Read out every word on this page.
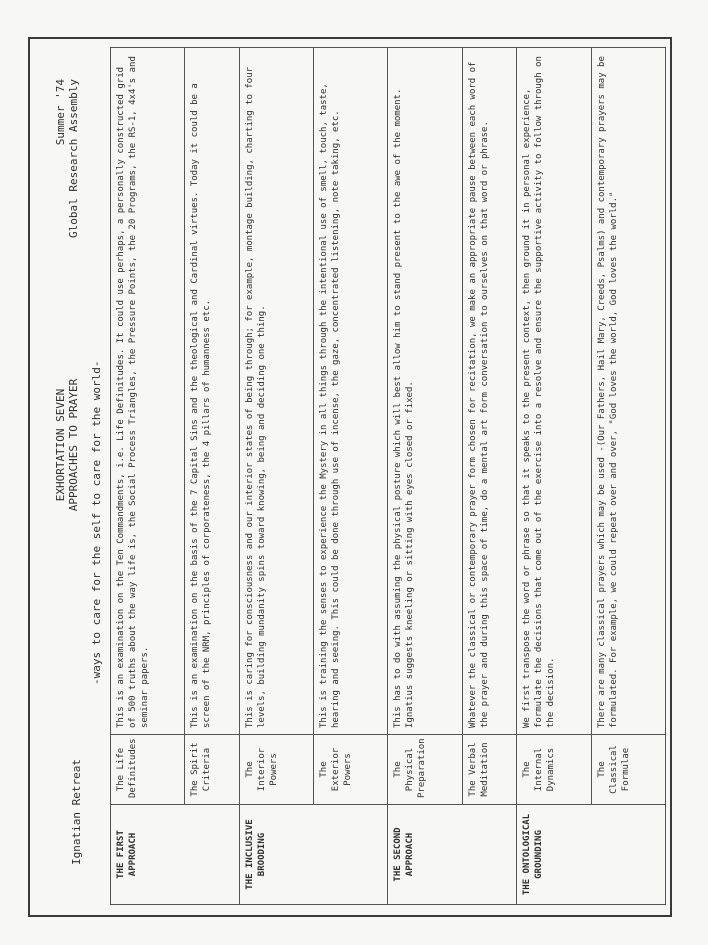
Ignatian Retreat
EXHORTATION SEVEN APPROACHES TO PRAYER -ways to care for the self to care for the world-
Summer '74 Global Research Assembly
THE FIRST APPROACH	The Life Definitudes	This is an examination on the Ten Commandments, i.e. Life Definitudes. It could use perhaps, a personally constructed grid of 500 truths about the way life is, the Social Process Triangles, the Pressure Points, the 20 Programs, the RS-1, 4x4's and seminar papers.
	The Spirit Criteria	This is an examination on the basis of the 7 Capital Sins and the theological and Cardinal virtues. Today it could be a screen of the NRM, principles of corporateness, the 4 pillars of humanness etc.
THE INCLUSIVE BROODING	The Interior Powers	This is caring for consciousness and our interior states of being through; for example, montage building, charting to four levels, building mundanity spins toward knowing, being and deciding one thing.
	The Exterior Powers	This is training the senses to experience the Mystery in all things through the intentional use of smell, touch, taste, hearing and seeing. This could be done through use of incense, the gaze, concentrated listening, note taking, etc.
THE SECOND APPROACH	The Physical Preparation	This has to do with assuming the physical posture which will best allow him to stand present to the awe of the moment. Ignatius suggests kneeling or sitting with eyes closed or fixed.
	The Verbal Meditation	Whatever the classical or contemporary prayer form chosen for recitation, we make an appropriate pause between each word of the prayer and during this space of time, do a mental art form conversation to ourselves on that word or phrase.
THE ONTOLOGICAL GROUNDING	The Internal Dynamics	We first transpose the word or phrase so that it speaks to the present context, then ground it in personal experience, formulate the decisions that come out of the exercise into a resolve and ensure the supportive activity to follow through on the decision.
	The Classical Formulae	There are many classical prayers which may be used -(Our Fathers, Hail Mary, Creeds, Psalms) and contemporary prayers may be formulated. For example, we could repeat over and over, "God loves the world, God loves the world."
